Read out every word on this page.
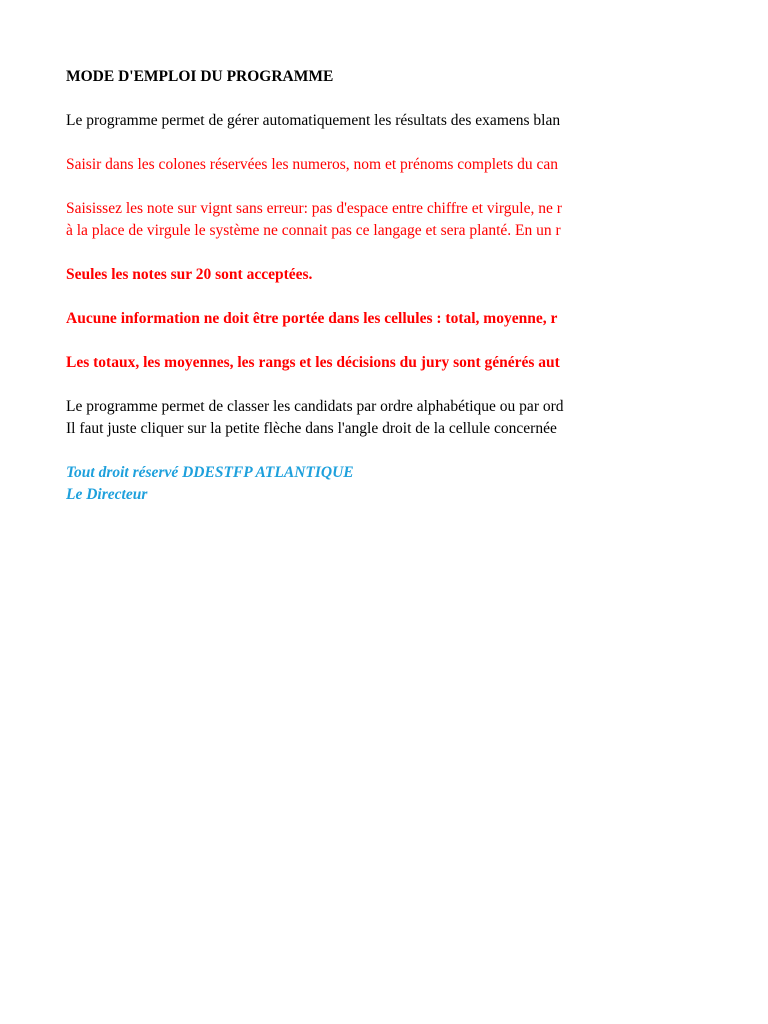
MODE D'EMPLOI DU PROGRAMME
Le programme permet de gérer automatiquement les résultats des examens blan
Saisir dans les colones réservées les numeros, nom et prénoms complets du can
Saisissez les note sur vignt sans erreur: pas d'espace entre chiffre et virgule, ne r
à la place de virgule le système ne connait pas ce langage et sera planté. En un r
Seules les notes sur 20 sont acceptées.
Aucune information ne doit être portée dans les cellules : total, moyenne, r
Les totaux, les moyennes, les rangs et les décisions du jury sont générés aut
Le programme permet de classer les candidats par ordre alphabétique ou par ord
Il faut juste cliquer sur la petite flèche dans l'angle droit de la cellule concernée
Tout droit réservé DDESTFP ATLANTIQUE
Le Directeur
